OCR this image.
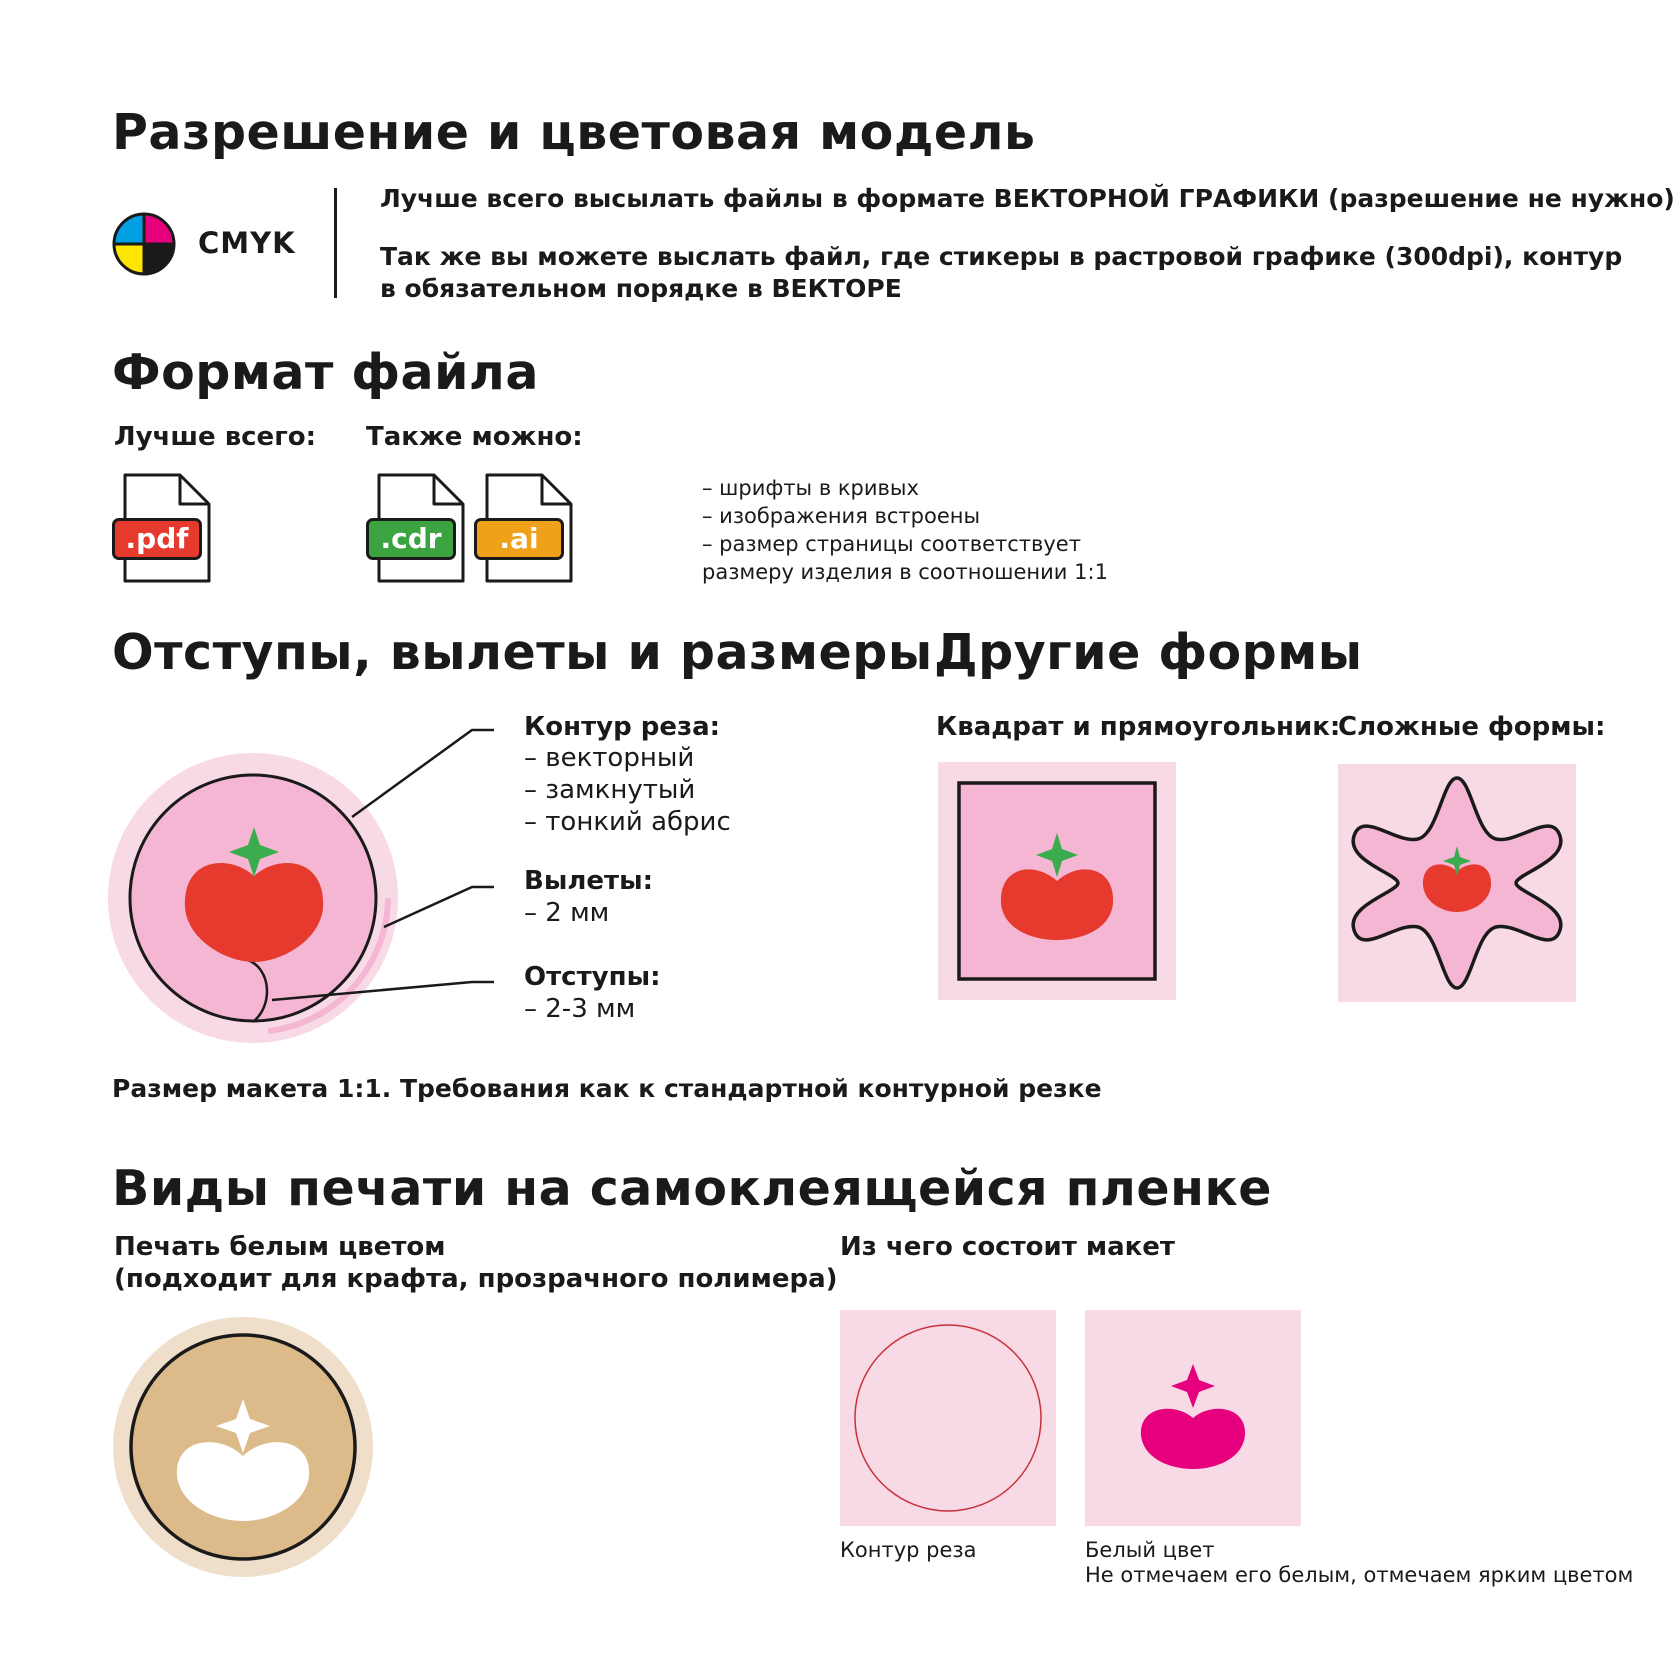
Разрешение и цветовая модель
CMYK
Лучше всего высылать файлы в формате ВЕКТОРНОЙ ГРАФИКИ (разрешение не нужно)
Так же вы можете выслать файл, где стикеры в растровой графике (300dpi), контур
в обязательном порядке в ВЕКТОРЕ
Формат файла
Лучше всего: Также можно:
.pdf	.cdr	.ai
– шрифты в кривых
– изображения встроены
– размер страницы соответствует
размеру изделия в соотношении 1:1
Отступы, вылеты и размеры
Контур реза:
– векторный
– замкнутый
– тонкий абрис
Вылеты:
– 2 мм
Отступы:
– 2-3 мм
Размер макета 1:1. Требования как к стандартной контурной резке
Другие формы
Квадрат и прямоугольник:
Сложные формы:
Виды печати на самоклеящейся пленке
Печать белым цветом
(подходит для крафта, прозрачного полимера)
Из чего состоит макет
Контур реза	Белый цвет
Не отмечаем его белым, отмечаем ярким цветом
